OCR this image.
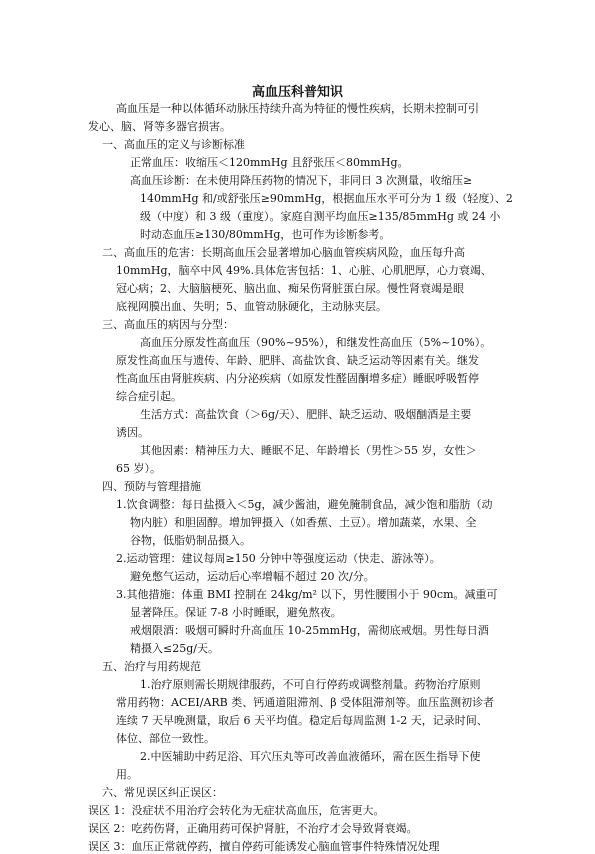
高血压科普知识
高血压是一种以体循环动脉压持续升高为特征的慢性疾病，长期未控制可引
发心、脑、肾等多器官损害。
一、高血压的定义与诊断标准
正常血压：收缩压＜120mmHg 且舒张压＜80mmHg。
高血压诊断：在未使用降压药物的情况下，非同日 3 次测量，收缩压≥
140mmHg 和/或舒张压≥90mmHg，根据血压水平可分为 1 级（轻度）、2
级（中度）和 3 级（重度）。家庭自测平均血压≥135/85mmHg 或 24 小
时动态血压≥130/80mmHg，也可作为诊断参考。
二、高血压的危害：长期高血压会显著增加心脑血管疾病风险，血压每升高
10mmHg，脑卒中风 49%.具体危害包括：1、心脏、心肌肥厚，心力衰竭、
冠心病；2、大脑脑梗死、脑出血、痴呆伤肾脏蛋白尿。慢性肾衰竭是眼
底视网膜出血、失明；5、血管动脉硬化，主动脉夹层。
三、高血压的病因与分型：
高血压分原发性高血压（90%~95%），和继发性高血压（5%~10%）。
原发性高血压与遗传、年龄、肥胖、高盐饮食、缺乏运动等因素有关。继发
性高血压由肾脏疾病、内分泌疾病（如原发性醛固酮增多症）睡眠呼吸暂停
综合症引起。
生活方式：高盐饮食（＞6g/天）、肥胖、缺乏运动、吸烟酗酒是主要
诱因。
其他因素：精神压力大、睡眠不足、年龄增长（男性＞55 岁，女性＞
65 岁）。
四、预防与管理措施
1.饮食调整：每日盐摄入＜5g，减少酱油，避免腌制食品，减少饱和脂肪（动
物内脏）和胆固醇。增加钾摄入（如香蕉、土豆）。增加蔬菜，水果、全
谷物，低脂奶制品摄入。
2.运动管理：建议每周≥150 分钟中等强度运动（快走、游泳等）。
避免憋气运动，运动后心率增幅不超过 20 次/分。
3.其他措施：体重 BMI 控制在 24kg/m² 以下，男性腰围小于 90cm。减重可
显著降压。保证 7-8 小时睡眠，避免熬夜。
戒烟限酒：吸烟可瞬时升高血压 10-25mmHg，需彻底戒烟。男性每日酒
精摄入≤25g/天。
五、治疗与用药规范
1.治疗原则需长期规律服药，不可自行停药或调整剂量。药物治疗原则
常用药物：ACEI/ARB 类、钙通道阻滞剂、β 受体阻滞剂等。血压监测初诊者
连续 7 天早晚测量，取后 6 天平均值。稳定后每周监测 1-2 天，记录时间、
体位、部位一致性。
2.中医辅助中药足浴、耳穴压丸等可改善血液循环，需在医生指导下使
用。
六、常见误区纠正误区：
误区 1：没症状不用治疗会转化为无症状高血压，危害更大。
误区 2：吃药伤肾，正确用药可保护肾脏，不治疗才会导致肾衰竭。
误区 3：血压正常就停药，擅自停药可能诱发心脑血管事件特殊情况处理
